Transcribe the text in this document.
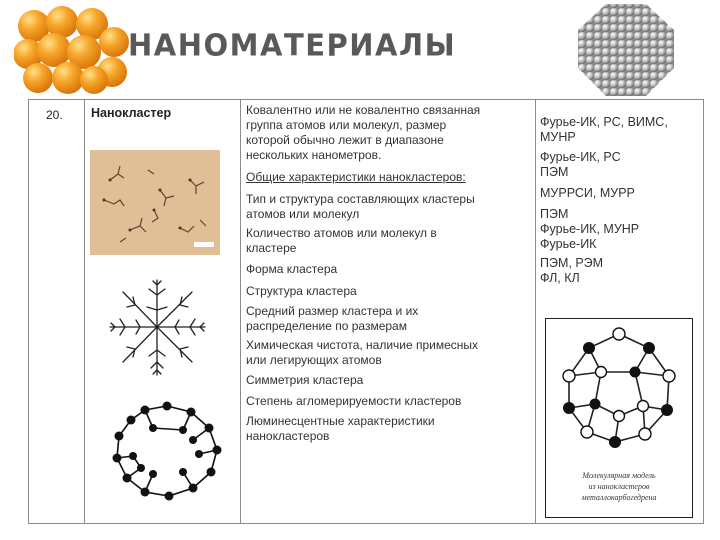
НАНОМАТЕРИАЛЫ
20. Нанокластер	Ковалентно или не ковалентно связанная
группа атомов или молекул, размер
которой обычно лежит в диапазоне
нескольких нанометров.
Общие характеристики нанокластеров:
Тип и структура составляющих кластеры
атомов или молекул
Количество атомов или молекул в
кластере
Форма кластера
Структура кластера
Средний размер кластера и их
распределение по размерам
Химическая чистота, наличие примесных
или легирующих атомов
Симметрия кластера
Степень агломерируемости кластеров
Люминесцентные характеристики
нанокластеров
Фурье-ИК, РС, ВИМС,
МУНР
Фурье-ИК, РС
ПЭМ
МУРРСИ, МУРР
ПЭМ
Фурье-ИК, МУНР
Фурье-ИК
ПЭМ, РЭМ
ФЛ, КЛ
Молекулярная модель
из нанокластеров
металлокарбогедрена
